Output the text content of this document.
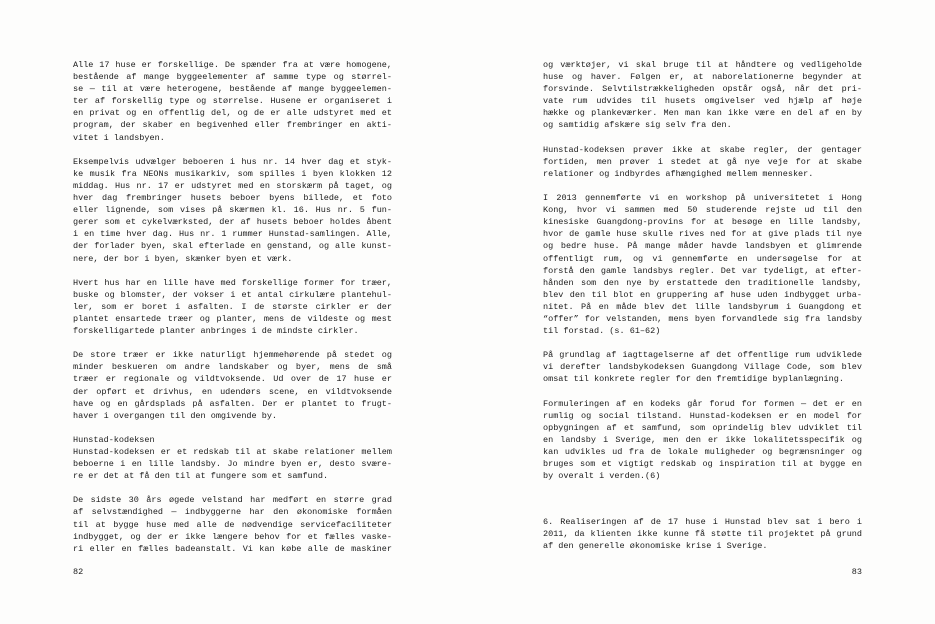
Alle 17 huse er forskellige. De spænder fra at være homogene,
bestående af mange byggeelementer af samme type og størrel-
se — til at være heterogene, bestående af mange byggeelemen-
ter af forskellig type og størrelse. Husene er organiseret i
en privat og en offentlig del, og de er alle udstyret med et
program, der skaber en begivenhed eller frembringer en akti-
vitet i landsbyen.
Eksempelvis udvælger beboeren i hus nr. 14 hver dag et styk-
ke musik fra NEONs musikarkiv, som spilles i byen klokken 12
middag. Hus nr. 17 er udstyret med en storskærm på taget, og
hver dag frembringer husets beboer byens billede, et foto
eller lignende, som vises på skærmen kl. 16. Hus nr. 5 fun-
gerer som et cykelværksted, der af husets beboer holdes åbent
i en time hver dag. Hus nr. 1 rummer Hunstad-samlingen. Alle,
der forlader byen, skal efterlade en genstand, og alle kunst-
nere, der bor i byen, skænker byen et værk.
Hvert hus har en lille have med forskellige former for træer,
buske og blomster, der vokser i et antal cirkulære plantehul-
ler, som er boret i asfalten. I de største cirkler er der
plantet ensartede træer og planter, mens de vildeste og mest
forskelligartede planter anbringes i de mindste cirkler.
De store træer er ikke naturligt hjemmehørende på stedet og
minder beskueren om andre landskaber og byer, mens de små
træer er regionale og vildtvoksende. Ud over de 17 huse er
der opført et drivhus, en udendørs scene, en vildtvoksende
have og en gårdsplads på asfalten. Der er plantet to frugt-
haver i overgangen til den omgivende by.
Hunstad-kodeksen
Hunstad-kodeksen er et redskab til at skabe relationer mellem
beboerne i en lille landsby. Jo mindre byen er, desto svære-
re er det at få den til at fungere som et samfund.
De sidste 30 års øgede velstand har medført en større grad
af selvstændighed — indbyggerne har den økonomiske formåen
til at bygge huse med alle de nødvendige servicefaciliteter
indbygget, og der er ikke længere behov for et fælles vaske-
ri eller en fælles badeanstalt. Vi kan købe alle de maskiner
og værktøjer, vi skal bruge til at håndtere og vedligeholde
huse og haver. Følgen er, at naborelationerne begynder at
forsvinde. Selvtilstrækkeligheden opstår også, når det pri-
vate rum udvides til husets omgivelser ved hjælp af høje
hække og plankeværker. Men man kan ikke være en del af en by
og samtidig afskære sig selv fra den.
Hunstad-kodeksen prøver ikke at skabe regler, der gentager
fortiden, men prøver i stedet at gå nye veje for at skabe
relationer og indbyrdes afhængighed mellem mennesker.
I 2013 gennemførte vi en workshop på universitetet i Hong
Kong, hvor vi sammen med 50 studerende rejste ud til den
kinesiske Guangdong-provins for at besøge en lille landsby,
hvor de gamle huse skulle rives ned for at give plads til nye
og bedre huse. På mange måder havde landsbyen et glimrende
offentligt rum, og vi gennemførte en undersøgelse for at
forstå den gamle landsbys regler. Det var tydeligt, at efter-
hånden som den nye by erstattede den traditionelle landsby,
blev den til blot en gruppering af huse uden indbygget urba-
nitet. På en måde blev det lille landsbyrum i Guangdong et
“offer” for velstanden, mens byen forvandlede sig fra landsby
til forstad. (s. 61–62)
På grundlag af iagttagelserne af det offentlige rum udviklede
vi derefter landsbykodeksen Guangdong Village Code, som blev
omsat til konkrete regler for den fremtidige byplanlægning.
Formuleringen af en kodeks går forud for formen — det er en
rumlig og social tilstand. Hunstad-kodeksen er en model for
opbygningen af et samfund, som oprindelig blev udviklet til
en landsby i Sverige, men den er ikke lokalitetsspecifik og
kan udvikles ud fra de lokale muligheder og begrænsninger og
bruges som et vigtigt redskab og inspiration til at bygge en
by overalt i verden.(6)
6. Realiseringen af de 17 huse i Hunstad blev sat i bero i
2011, da klienten ikke kunne få støtte til projektet på grund
af den generelle økonomiske krise i Sverige.
82	83
